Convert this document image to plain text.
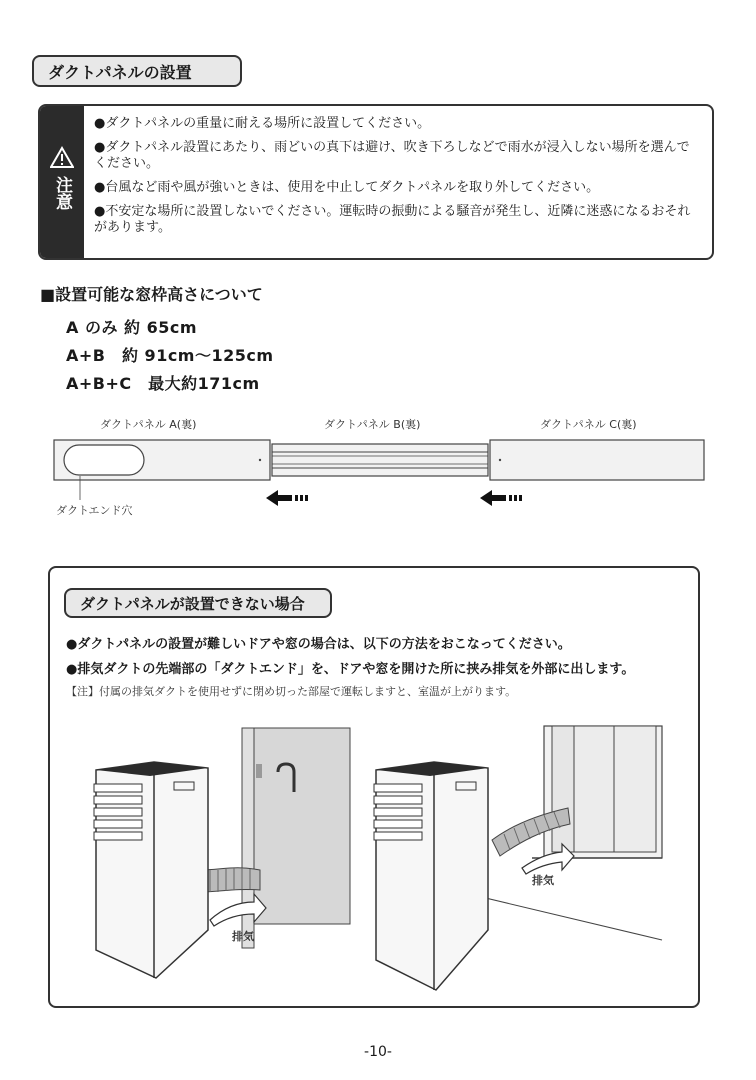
ダクトパネルの設置
注意
●ダクトパネルの重量に耐える場所に設置してください。
●ダクトパネル設置にあたり、雨どいの真下は避け、吹き下ろしなどで雨水が浸入しない場所を選んでください。
●台風など雨や風が強いときは、使用を中止してダクトパネルを取り外してください。
●不安定な場所に設置しないでください。運転時の振動による騒音が発生し、近隣に迷惑になるおそれがあります。
■設置可能な窓枠高さについて
A のみ 約 65cm
A+B　約 91cm～125cm
A+B+C　最大約171cm
ダクトパネル A(裏)	ダクトパネル B(裏)	ダクトパネル C(裏)
ダクトエンド穴
ダクトパネルが設置できない場合
●ダクトパネルの設置が難しいドアや窓の場合は、以下の方法をおこなってください。
●排気ダクトの先端部の「ダクトエンド」を、ドアや窓を開けた所に挟み排気を外部に出します。
【注】付属の排気ダクトを使用せずに閉め切った部屋で運転しますと、室温が上がります。
排気
排気
-10-
